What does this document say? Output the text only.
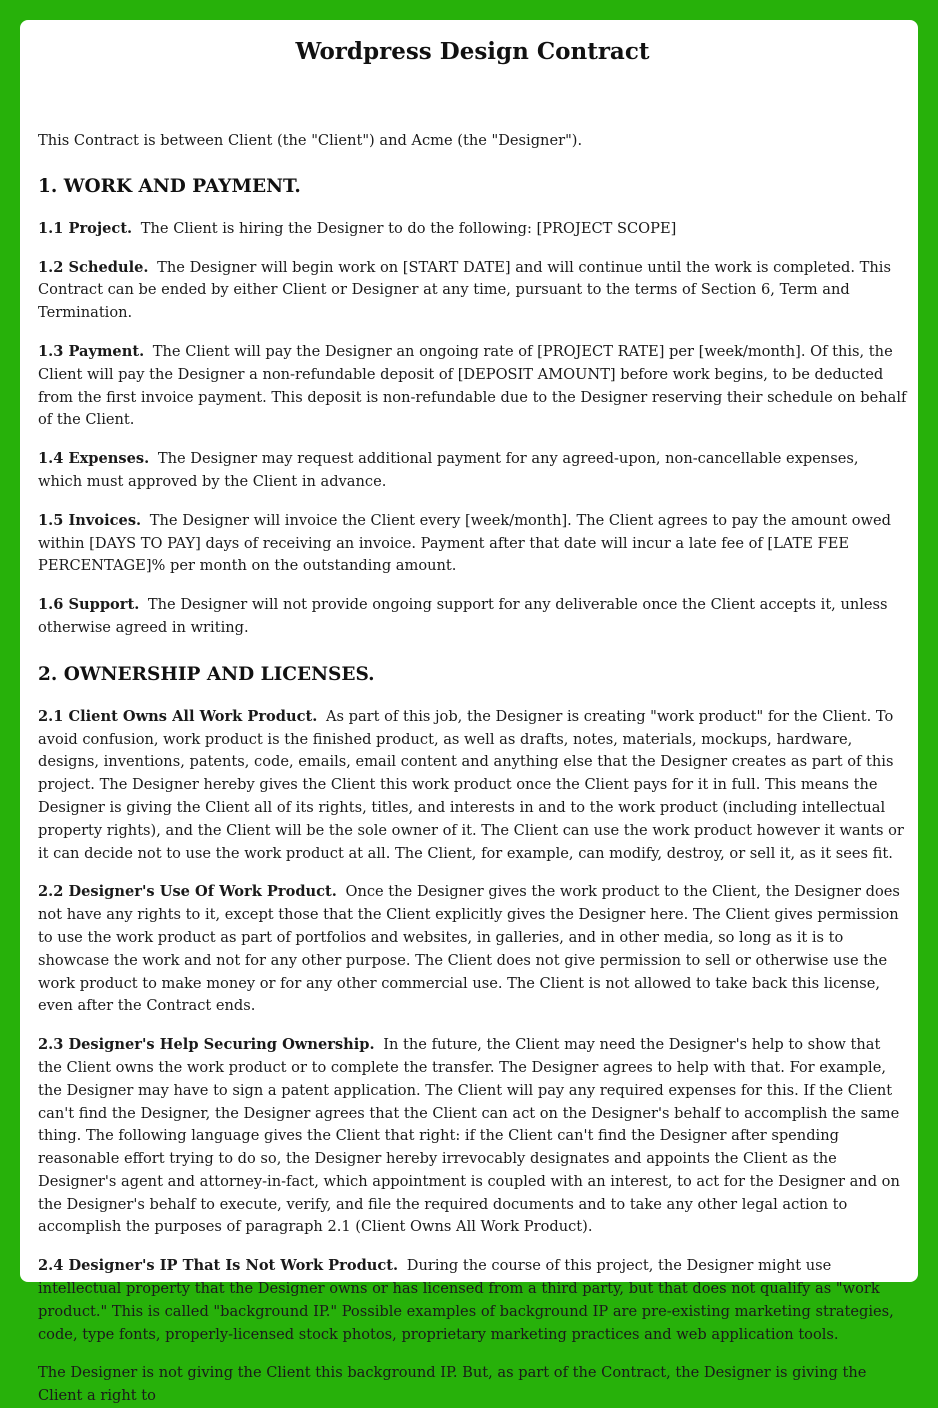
Wordpress Design Contract

This Contract is between Client (the "Client") and Acme (the "Designer").

1. WORK AND PAYMENT.

1.1 Project. The Client is hiring the Designer to do the following: [PROJECT SCOPE]

1.2 Schedule. The Designer will begin work on [START DATE] and will continue until the work is completed. This Contract can be ended by either Client or Designer at any time, pursuant to the terms of Section 6, Term and Termination.

1.3 Payment. The Client will pay the Designer an ongoing rate of [PROJECT RATE] per [week/month]. Of this, the Client will pay the Designer a non-refundable deposit of [DEPOSIT AMOUNT] before work begins, to be deducted from the first invoice payment. This deposit is non-refundable due to the Designer reserving their schedule on behalf of the Client.

1.4 Expenses. The Designer may request additional payment for any agreed-upon, non-cancellable expenses, which must approved by the Client in advance.

1.5 Invoices. The Designer will invoice the Client every [week/month]. The Client agrees to pay the amount owed within [DAYS TO PAY] days of receiving an invoice. Payment after that date will incur a late fee of [LATE FEE PERCENTAGE]% per month on the outstanding amount.

1.6 Support. The Designer will not provide ongoing support for any deliverable once the Client accepts it, unless otherwise agreed in writing.

2. OWNERSHIP AND LICENSES.

2.1 Client Owns All Work Product. As part of this job, the Designer is creating "work product" for the Client. To avoid confusion, work product is the finished product, as well as drafts, notes, materials, mockups, hardware, designs, inventions, patents, code, emails, email content and anything else that the Designer creates as part of this project. The Designer hereby gives the Client this work product once the Client pays for it in full. This means the Designer is giving the Client all of its rights, titles, and interests in and to the work product (including intellectual property rights), and the Client will be the sole owner of it. The Client can use the work product however it wants or it can decide not to use the work product at all. The Client, for example, can modify, destroy, or sell it, as it sees fit.

2.2 Designer's Use Of Work Product. Once the Designer gives the work product to the Client, the Designer does not have any rights to it, except those that the Client explicitly gives the Designer here. The Client gives permission to use the work product as part of portfolios and websites, in galleries, and in other media, so long as it is to showcase the work and not for any other purpose. The Client does not give permission to sell or otherwise use the work product to make money or for any other commercial use. The Client is not allowed to take back this license, even after the Contract ends.

2.3 Designer's Help Securing Ownership. In the future, the Client may need the Designer's help to show that the Client owns the work product or to complete the transfer. The Designer agrees to help with that. For example, the Designer may have to sign a patent application. The Client will pay any required expenses for this. If the Client can't find the Designer, the Designer agrees that the Client can act on the Designer's behalf to accomplish the same thing. The following language gives the Client that right: if the Client can't find the Designer after spending reasonable effort trying to do so, the Designer hereby irrevocably designates and appoints the Client as the Designer's agent and attorney-in-fact, which appointment is coupled with an interest, to act for the Designer and on the Designer's behalf to execute, verify, and file the required documents and to take any other legal action to accomplish the purposes of paragraph 2.1 (Client Owns All Work Product).

2.4 Designer's IP That Is Not Work Product. During the course of this project, the Designer might use intellectual property that the Designer owns or has licensed from a third party, but that does not qualify as "work product." This is called "background IP." Possible examples of background IP are pre-existing marketing strategies, code, type fonts, properly-licensed stock photos, proprietary marketing practices and web application tools.

The Designer is not giving the Client this background IP. But, as part of the Contract, the Designer is giving the Client a right to
